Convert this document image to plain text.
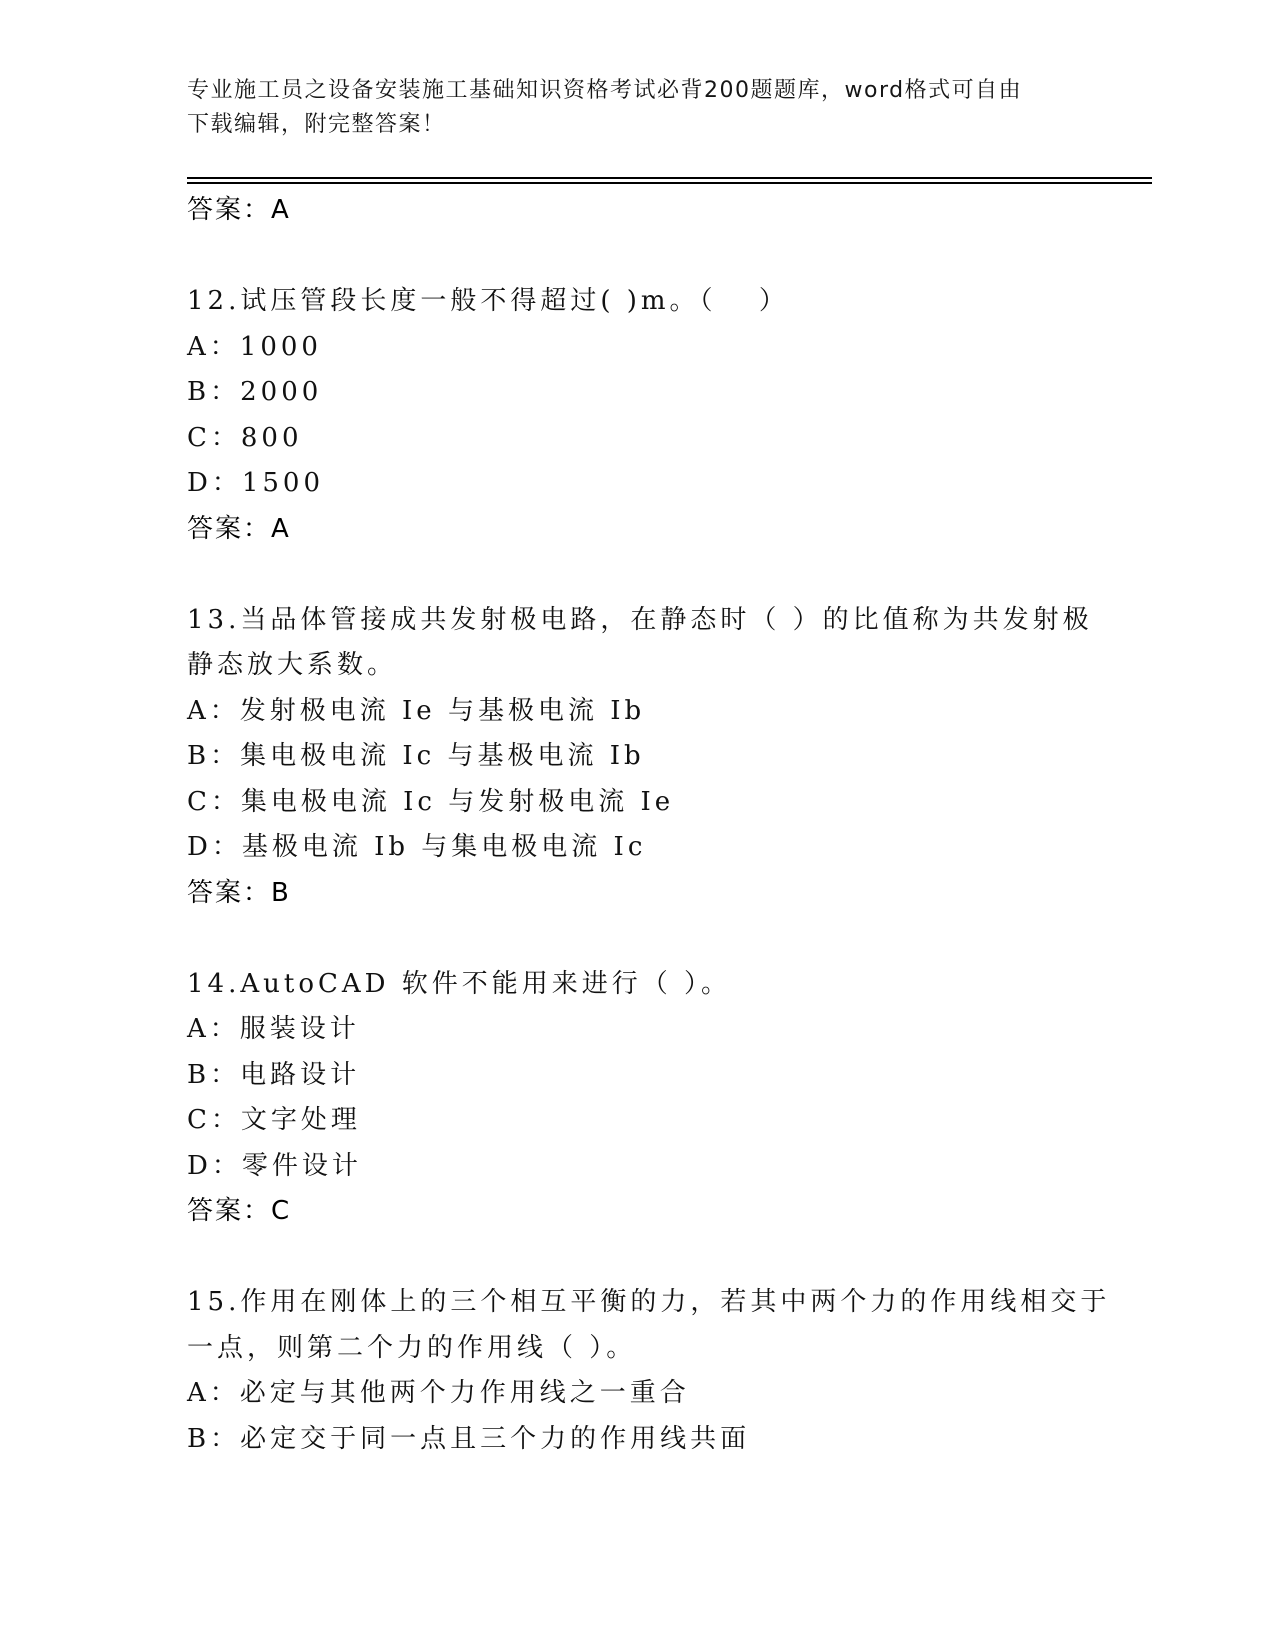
专业施工员之设备安装施工基础知识资格考试必背200题题库，word格式可自由
下载编辑，附完整答案！
答案：A
12.试压管段长度一般不得超过( )m。（　 ）
A：1000
B：2000
C：800
D：1500
答案：A
13.当品体管接成共发射极电路，在静态时（ ）的比值称为共发射极
静态放大系数。
A：发射极电流 Ie 与基极电流 Ib
B：集电极电流 Ic 与基极电流 Ib
C：集电极电流 Ic 与发射极电流 Ie
D：基极电流 Ib 与集电极电流 Ic
答案：B
14.AutoCAD 软件不能用来进行（ ）。
A：服装设计
B：电路设计
C：文字处理
D：零件设计
答案：C
15.作用在刚体上的三个相互平衡的力，若其中两个力的作用线相交于
一点，则第二个力的作用线（ ）。
A：必定与其他两个力作用线之一重合
B：必定交于同一点且三个力的作用线共面
